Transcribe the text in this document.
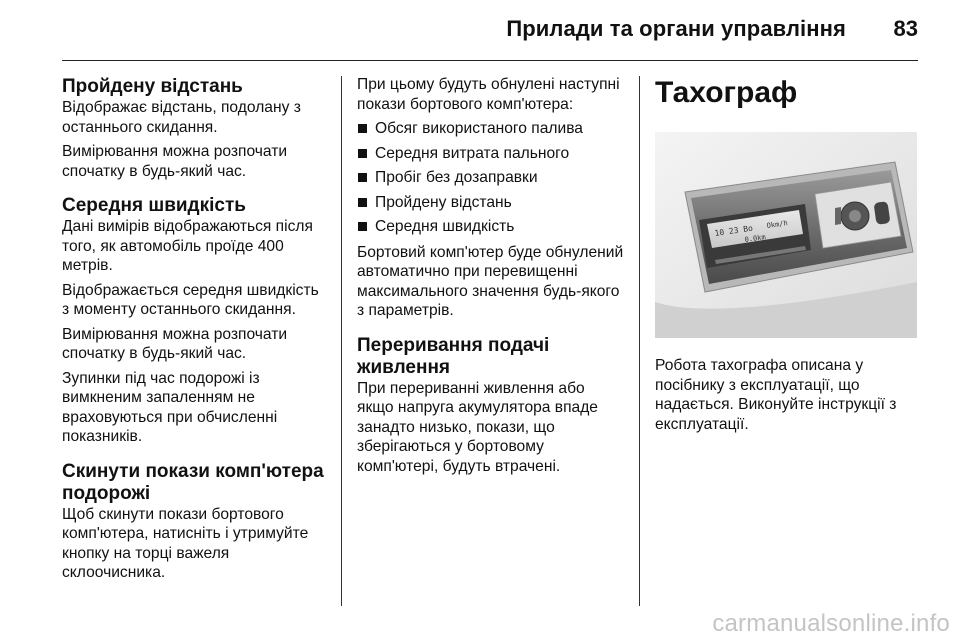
Прилади та органи управління 83
Пройдену відстань

Відображає відстань, подолану з останнього скидання.

Вимірювання можна розпочати спочатку в будь-який час.

Середня швидкість

Дані вимірів відображаються після того, як автомобіль проїде 400 метрів.

Відображається середня швидкість з моменту останнього скидання.

Вимірювання можна розпочати спочатку в будь-який час.

Зупинки під час подорожі із вимкненим запаленням не враховуються при обчисленні показників.

Скинути покази комп'ютера подорожі

Щоб скинути покази бортового комп'ютера, натисніть і утримуйте кнопку на торці важеля склоочисника.

При цьому будуть обнулені наступні покази бортового комп'ютера:

Обсяг використаного палива
Середня витрата пального
Пробіг без дозаправки
Пройдену відстань
Середня швидкість

Бортовий комп'ютер буде обнулений автоматично при перевищенні максимального значення будь-якого з параметрів.

Переривання подачі живлення

При перериванні живлення або якщо напруга акумулятора впаде занадто низько, покази, що зберігаються у бортовому комп'ютері, будуть втрачені.

Тахограф
10 23 Bo Okm/h
0.0km

Робота тахографа описана у посібнику з експлуатації, що надається. Виконуйте інструкції з експлуатації.

carmanualsonline.info
